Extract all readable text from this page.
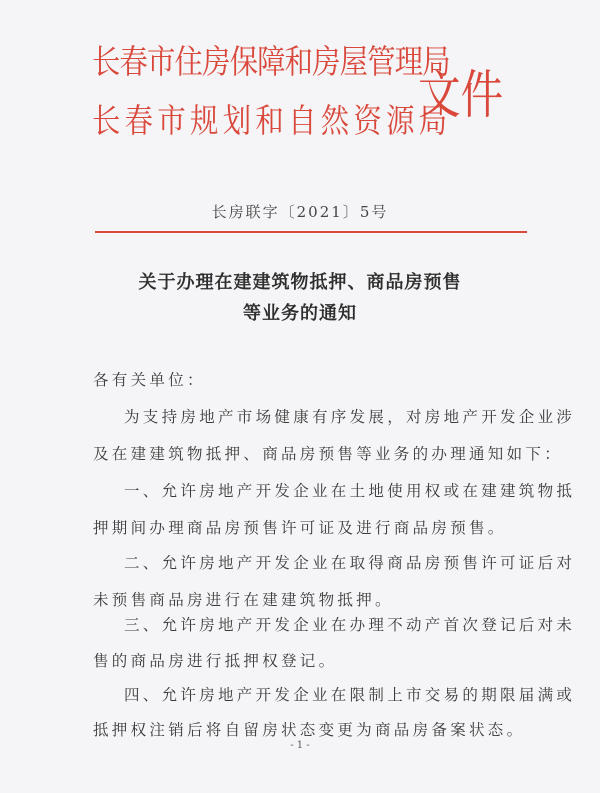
长春市住房保障和房屋管理局
长春市规划和自然资源局
文件
长房联字〔2021〕5号
关于办理在建建筑物抵押、商品房预售
等业务的通知
各有关单位：
为支持房地产市场健康有序发展，对房地产开发企业涉
及在建建筑物抵押、商品房预售等业务的办理通知如下：
一、允许房地产开发企业在土地使用权或在建建筑物抵
押期间办理商品房预售许可证及进行商品房预售。
二、允许房地产开发企业在取得商品房预售许可证后对
未预售商品房进行在建建筑物抵押。
三、允许房地产开发企业在办理不动产首次登记后对未
售的商品房进行抵押权登记。
四、允许房地产开发企业在限制上市交易的期限届满或
抵押权注销后将自留房状态变更为商品房备案状态。
- 1 -
